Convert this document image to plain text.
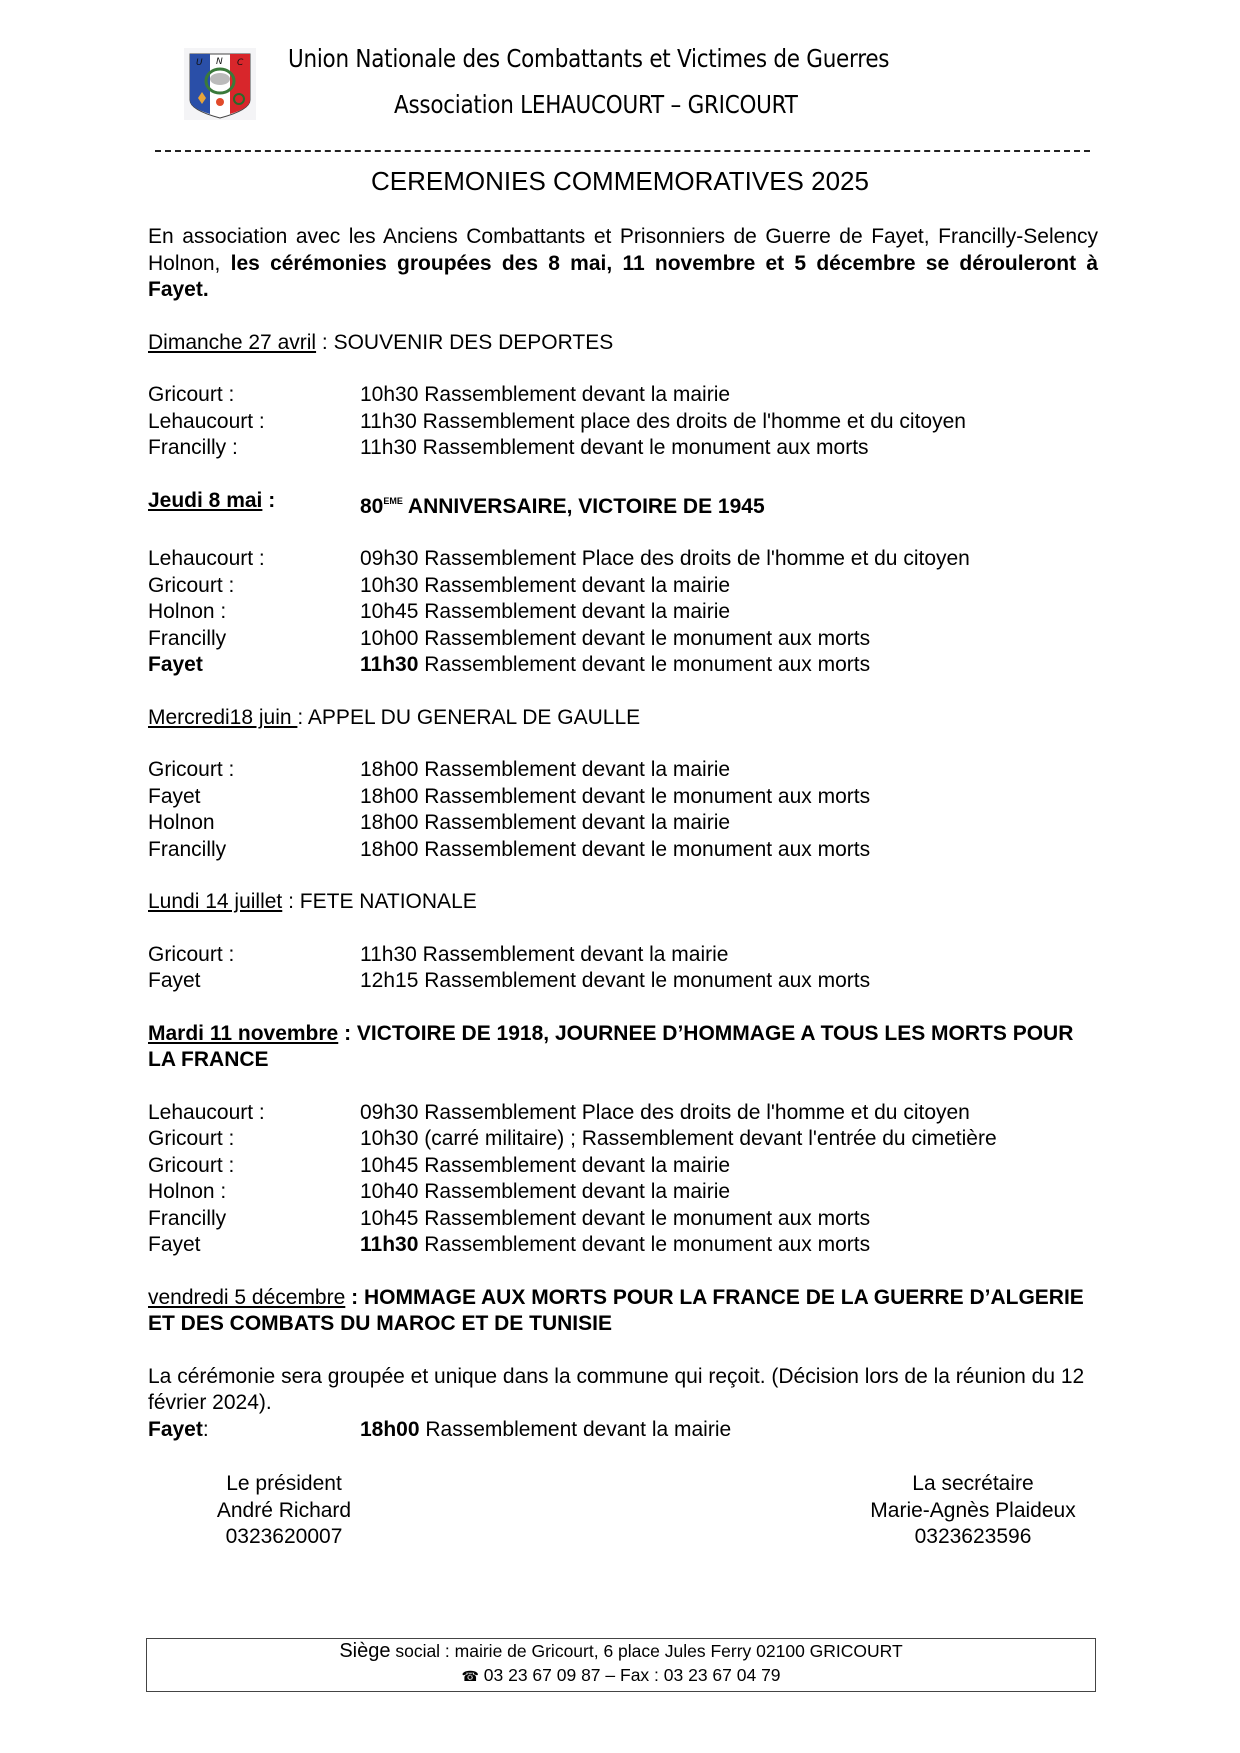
U N C Union Nationale des Combattants et Victimes de Guerres
Association LEHAUCOURT – GRICOURT
CEREMONIES COMMEMORATIVES 2025

En association avec les Anciens Combattants et Prisonniers de Guerre de Fayet, Francilly-Selency Holnon, les cérémonies groupées des 8 mai, 11 novembre et 5 décembre se dérouleront à Fayet.

Dimanche 27 avril : SOUVENIR DES DEPORTES
Gricourt :	10h30 Rassemblement devant la mairie
Lehaucourt :	11h30 Rassemblement place des droits de l'homme et du citoyen
Francilly :	11h30 Rassemblement devant le monument aux morts
Jeudi 8 mai :	80EME ANNIVERSAIRE, VICTOIRE DE 1945
Lehaucourt :	09h30 Rassemblement Place des droits de l'homme et du citoyen
Gricourt :	10h30 Rassemblement devant la mairie
Holnon :	10h45 Rassemblement devant la mairie
Francilly	10h00 Rassemblement devant le monument aux morts
Fayet	11h30 Rassemblement devant le monument aux morts
Mercredi18 juin : APPEL DU GENERAL DE GAULLE
Gricourt :	18h00 Rassemblement devant la mairie
Fayet	18h00 Rassemblement devant le monument aux morts
Holnon	18h00 Rassemblement devant la mairie
Francilly	18h00 Rassemblement devant le monument aux morts
Lundi 14 juillet : FETE NATIONALE
Gricourt :	11h30 Rassemblement devant la mairie
Fayet	12h15 Rassemblement devant le monument aux morts
Mardi 11 novembre : VICTOIRE DE 1918, JOURNEE D’HOMMAGE A TOUS LES MORTS POUR LA FRANCE
Lehaucourt :	09h30 Rassemblement Place des droits de l'homme et du citoyen
Gricourt :	10h30 (carré militaire) ; Rassemblement devant l'entrée du cimetière
Gricourt :	10h45 Rassemblement devant la mairie
Holnon :	10h40 Rassemblement devant la mairie
Francilly	10h45 Rassemblement devant le monument aux morts
Fayet	11h30 Rassemblement devant le monument aux morts
vendredi 5 décembre : HOMMAGE AUX MORTS POUR LA FRANCE DE LA GUERRE D’ALGERIE ET DES COMBATS DU MAROC ET DE TUNISIE
La cérémonie sera groupée et unique dans la commune qui reçoit. (Décision lors de la réunion du 12 février 2024).
Fayet:	18h00 Rassemblement devant la mairie
Le président
André Richard
0323620007
La secrétaire
Marie-Agnès Plaideux
0323623596
Siège social : mairie de Gricourt, 6 place Jules Ferry 02100 GRICOURT
☎ 03 23 67 09 87 – Fax : 03 23 67 04 79
